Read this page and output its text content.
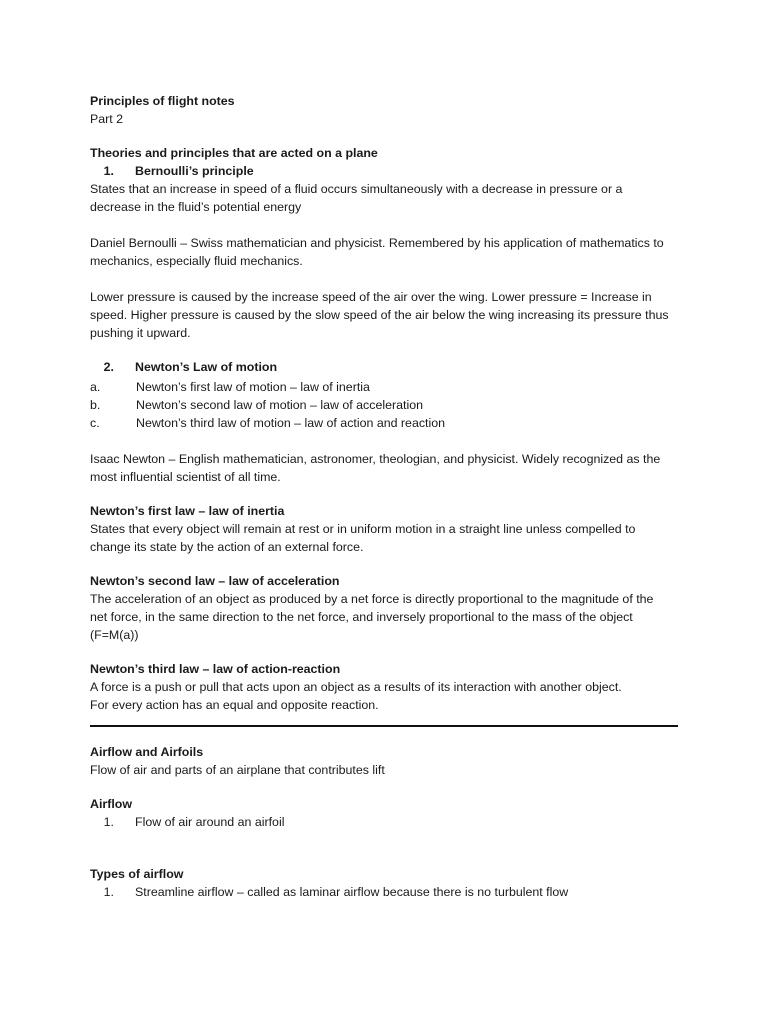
Principles of flight notes
Part 2
Theories and principles that are acted on a plane
1. Bernoulli’s principle
States that an increase in speed of a fluid occurs simultaneously with a decrease in pressure or a
decrease in the fluid’s potential energy
Daniel Bernoulli – Swiss mathematician and physicist. Remembered by his application of mathematics to
mechanics, especially fluid mechanics.
Lower pressure is caused by the increase speed of the air over the wing. Lower pressure = Increase in
speed. Higher pressure is caused by the slow speed of the air below the wing increasing its pressure thus
pushing it upward.
2. Newton’s Law of motion
a.	Newton’s first law of motion – law of inertia
b.	Newton’s second law of motion – law of acceleration
c.	Newton’s third law of motion – law of action and reaction
Isaac Newton – English mathematician, astronomer, theologian, and physicist. Widely recognized as the
most influential scientist of all time.
Newton’s first law – law of inertia
States that every object will remain at rest or in uniform motion in a straight line unless compelled to
change its state by the action of an external force.
Newton’s second law – law of acceleration
The acceleration of an object as produced by a net force is directly proportional to the magnitude of the
net force, in the same direction to the net force, and inversely proportional to the mass of the object
(F=M(a))
Newton’s third law – law of action-reaction
A force is a push or pull that acts upon an object as a results of its interaction with another object.
For every action has an equal and opposite reaction.
Airflow and Airfoils
Flow of air and parts of an airplane that contributes lift
Airflow
1. Flow of air around an airfoil
Types of airflow
1. Streamline airflow – called as laminar airflow because there is no turbulent flow
